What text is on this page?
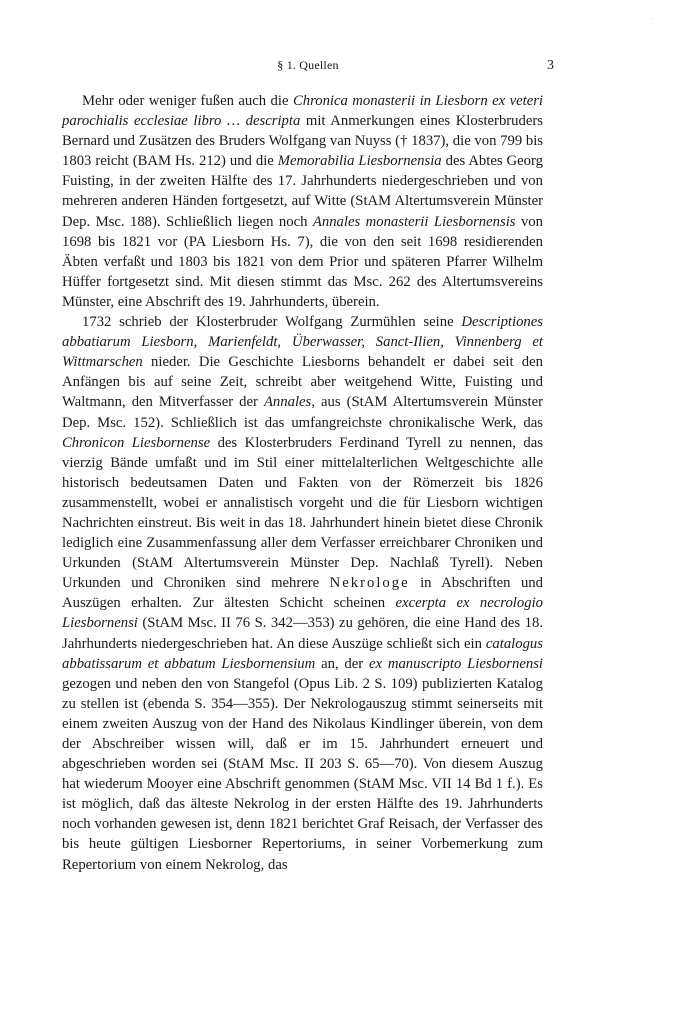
.
§ 1. Quellen	3

Mehr oder weniger fußen auch die Chronica monasterii in Liesborn ex veteri parochialis ecclesiae libro … descripta mit Anmerkungen eines Klosterbruders Bernard und Zusätzen des Bruders Wolfgang van Nuyss († 1837), die von 799 bis 1803 reicht (BAM Hs. 212) und die Memorabilia Liesbornensia des Abtes Georg Fuisting, in der zweiten Hälfte des 17. Jahrhunderts niedergeschrieben und von mehreren anderen Händen fortgesetzt, auf Witte (StAM Altertumsverein Münster Dep. Msc. 188). Schließlich liegen noch Annales monasterii Liesbornensis von 1698 bis 1821 vor (PA Liesborn Hs. 7), die von den seit 1698 residierenden Äbten verfaßt und 1803 bis 1821 von dem Prior und späteren Pfarrer Wilhelm Hüffer fortgesetzt sind. Mit diesen stimmt das Msc. 262 des Altertumsvereins Münster, eine Abschrift des 19. Jahrhunderts, überein.

1732 schrieb der Klosterbruder Wolfgang Zurmühlen seine Descriptiones abbatiarum Liesborn, Marienfeldt, Überwasser, Sanct-Ilien, Vinnenberg et Wittmarschen nieder. Die Geschichte Liesborns behandelt er dabei seit den Anfängen bis auf seine Zeit, schreibt aber weitgehend Witte, Fuisting und Waltmann, den Mitverfasser der Annales, aus (StAM Altertumsverein Münster Dep. Msc. 152). Schließlich ist das umfangreichste chronikalische Werk, das Chronicon Liesbornense des Klosterbruders Ferdinand Tyrell zu nennen, das vierzig Bände umfaßt und im Stil einer mittelalterlichen Weltgeschichte alle historisch bedeutsamen Daten und Fakten von der Römerzeit bis 1826 zusammenstellt, wobei er annalistisch vorgeht und die für Liesborn wichtigen Nachrichten einstreut. Bis weit in das 18. Jahrhundert hinein bietet diese Chronik lediglich eine Zusammenfassung aller dem Verfasser erreichbarer Chroniken und Urkunden (StAM Altertumsverein Münster Dep. Nachlaß Tyrell). Neben Urkunden und Chroniken sind mehrere Nekrologe in Abschriften und Auszügen erhalten. Zur ältesten Schicht scheinen excerpta ex necrologio Liesbornensi (StAM Msc. II 76 S. 342—353) zu gehören, die eine Hand des 18. Jahrhunderts niedergeschrieben hat. An diese Auszüge schließt sich ein catalogus abbatissarum et abbatum Liesbornensium an, der ex manuscripto Liesbornensi gezogen und neben den von Stangefol (Opus Lib. 2 S. 109) publizierten Katalog zu stellen ist (ebenda S. 354—355). Der Nekrologauszug stimmt seinerseits mit einem zweiten Auszug von der Hand des Nikolaus Kindlinger überein, von dem der Abschreiber wissen will, daß er im 15. Jahrhundert erneuert und abgeschrieben worden sei (StAM Msc. II 203 S. 65—70). Von diesem Auszug hat wiederum Mooyer eine Abschrift genommen (StAM Msc. VII 14 Bd 1 f.). Es ist möglich, daß das älteste Nekrolog in der ersten Hälfte des 19. Jahrhunderts noch vorhanden gewesen ist, denn 1821 berichtet Graf Reisach, der Verfasser des bis heute gültigen Liesborner Repertoriums, in seiner Vorbemerkung zum Repertorium von einem Nekrolog, das
